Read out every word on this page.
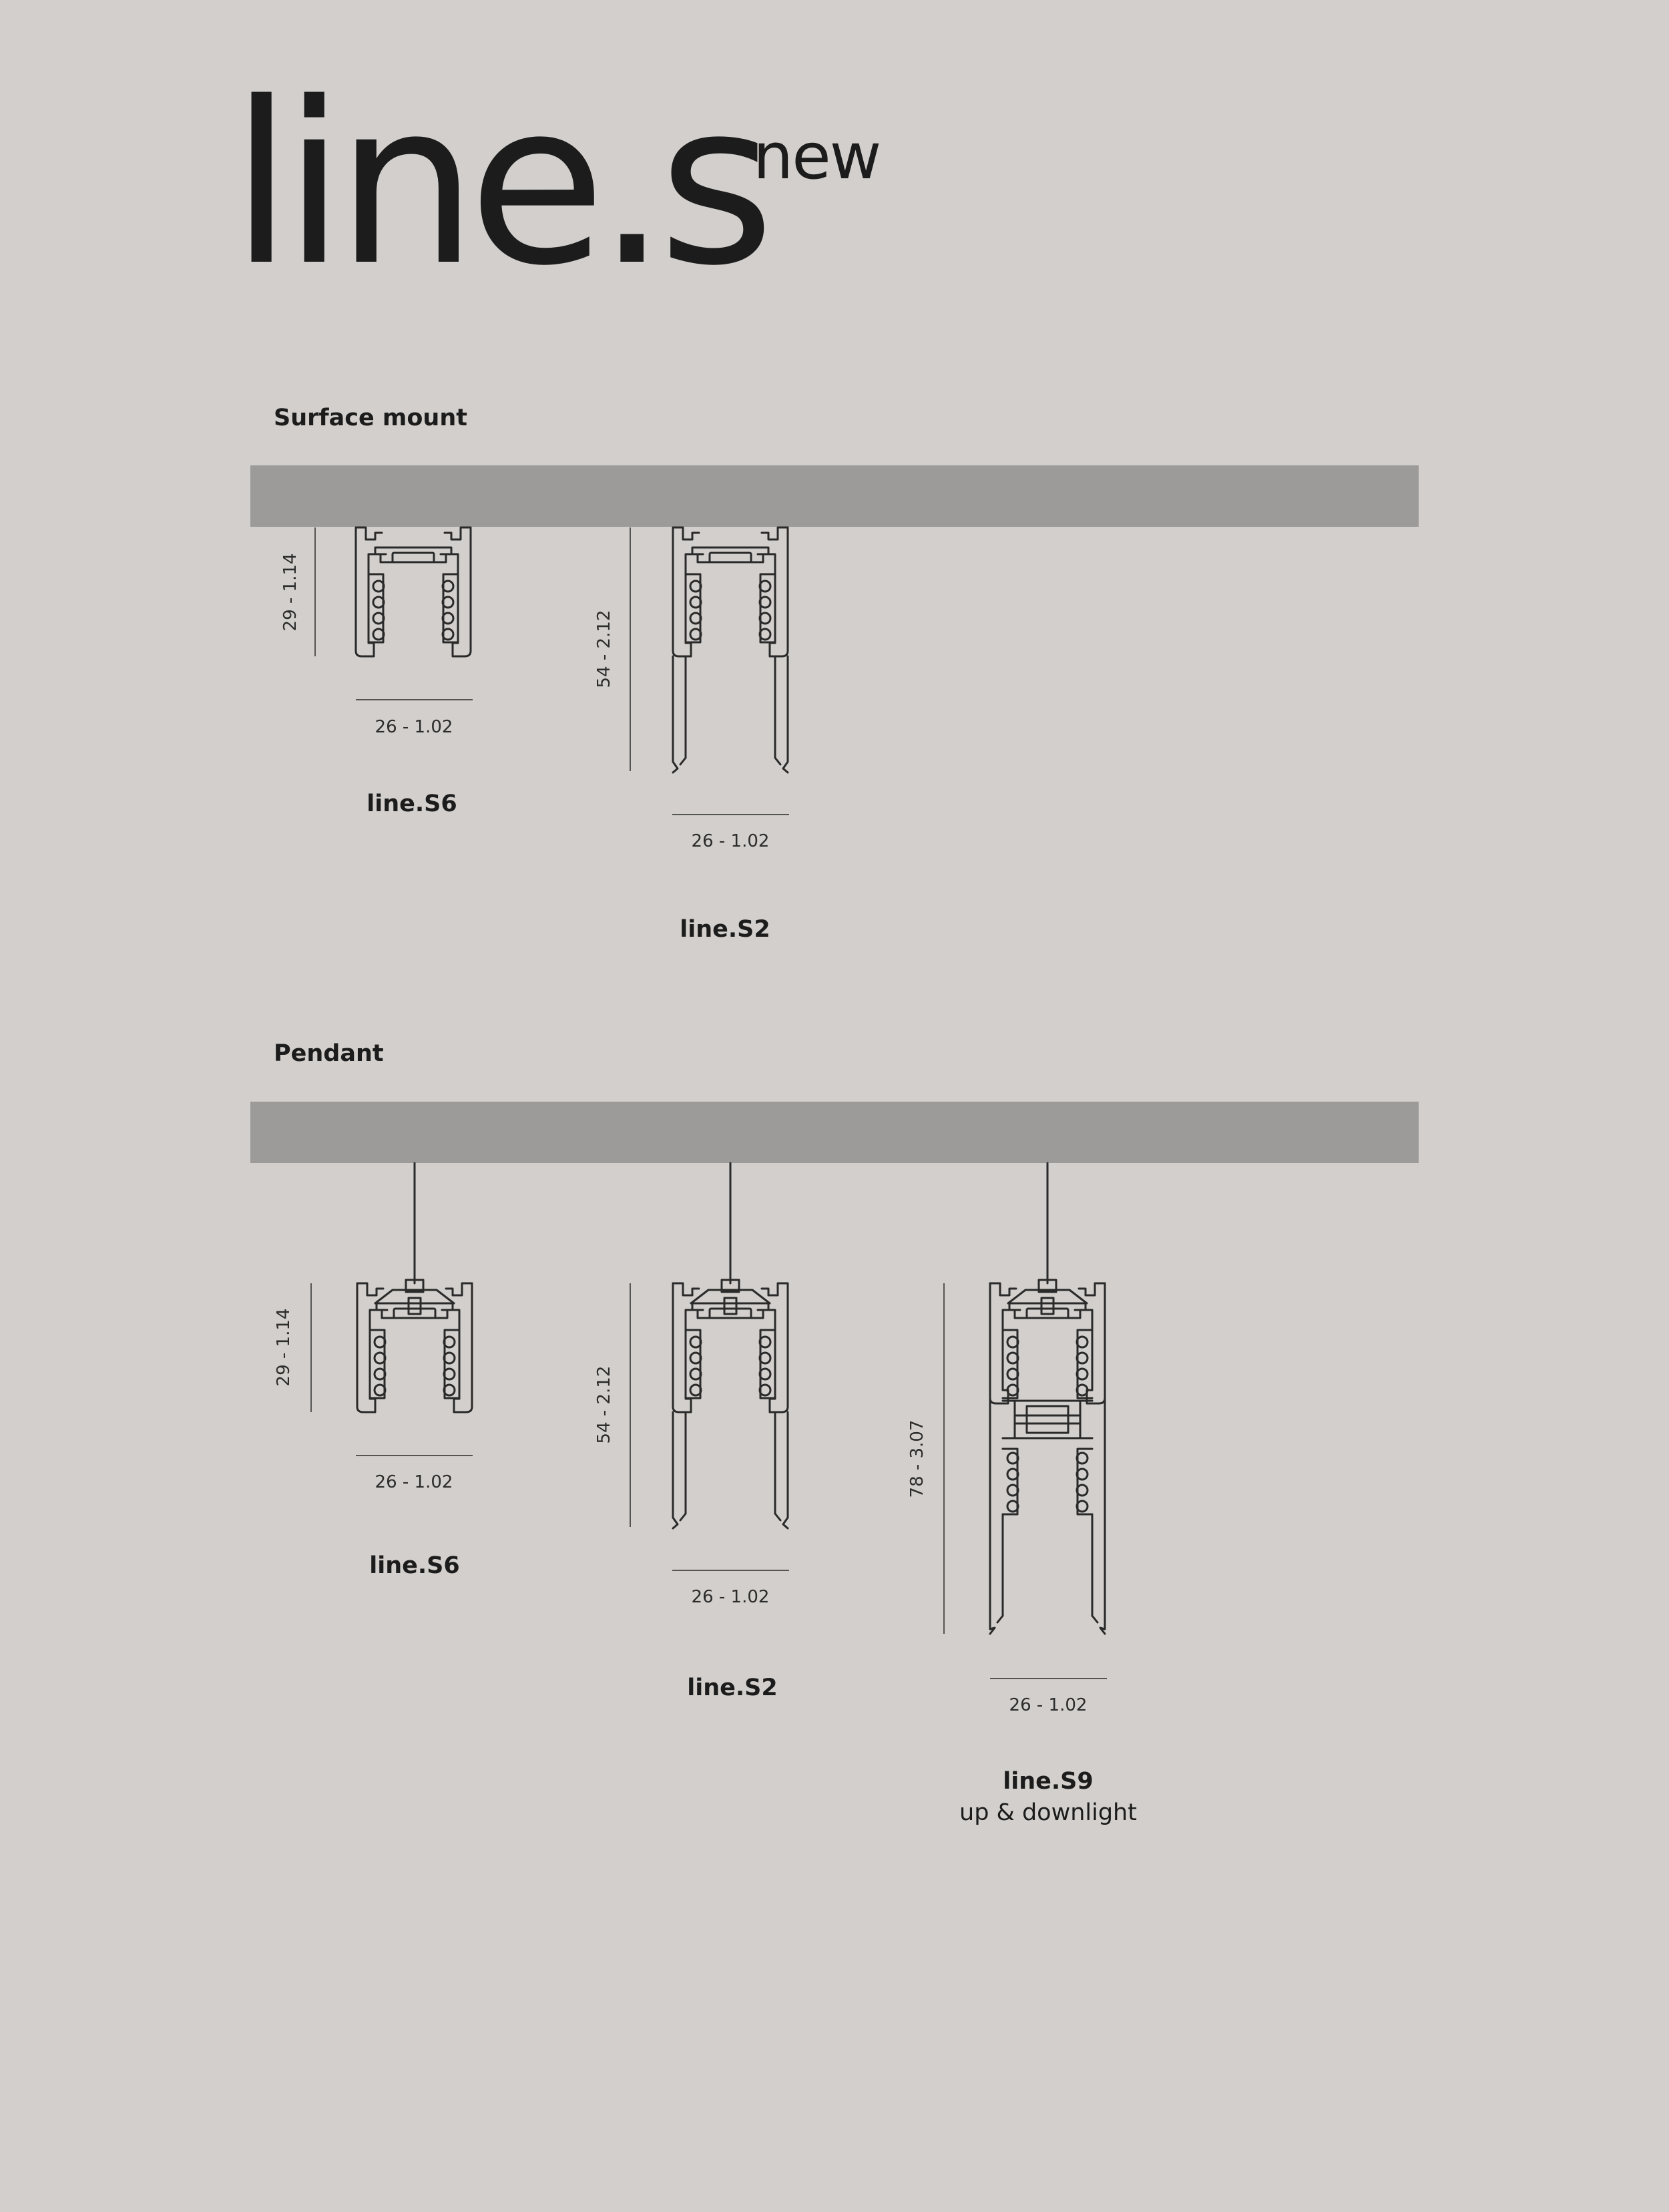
line.s
new
Surface mount
29 - 1.14
26 - 1.02
line.S6
54 - 2.12
26 - 1.02
line.S2
Pendant
29 - 1.14
26 - 1.02
line.S6
54 - 2.12
26 - 1.02
line.S2
78 - 3.07
26 - 1.02
line.S9
up & downlight
